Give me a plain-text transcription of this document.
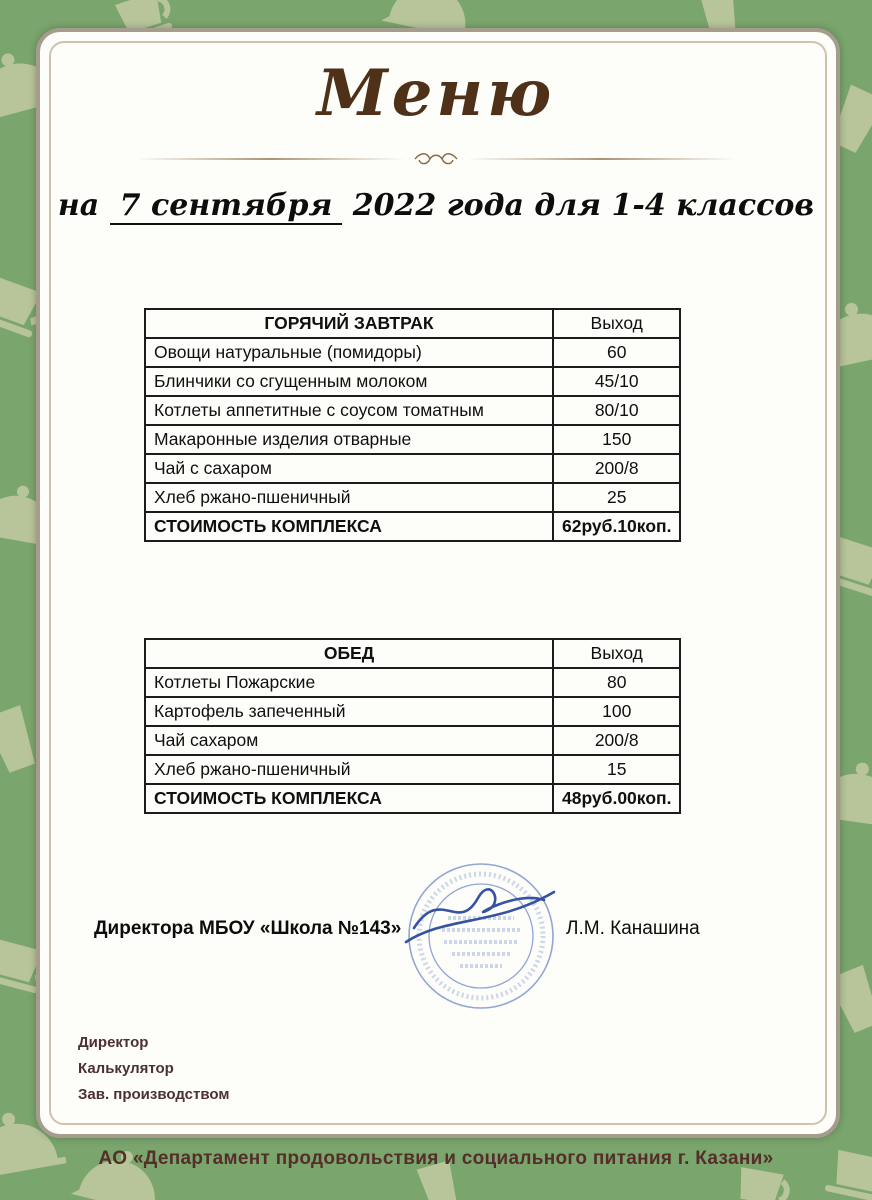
Меню
на 7 сентября 2022 года для 1-4 классов
ГОРЯЧИЙ ЗАВТРАК	Выход
Овощи натуральные (помидоры)	60
Блинчики со сгущенным молоком	45/10
Котлеты аппетитные с соусом томатным	80/10
Макаронные изделия отварные	150
Чай с сахаром	200/8
Хлеб ржано-пшеничный	25
СТОИМОСТЬ КОМПЛЕКСА	62руб.10коп.
ОБЕД	Выход
Котлеты Пожарские	80
Картофель запеченный	100
Чай сахаром	200/8
Хлеб ржано-пшеничный	15
СТОИМОСТЬ КОМПЛЕКСА	48руб.00коп.
Директора МБОУ «Школа №143»	Л.М. Канашина
Директор
Калькулятор
Зав. производством
АО «Департамент продовольствия и социального питания г. Казани»
